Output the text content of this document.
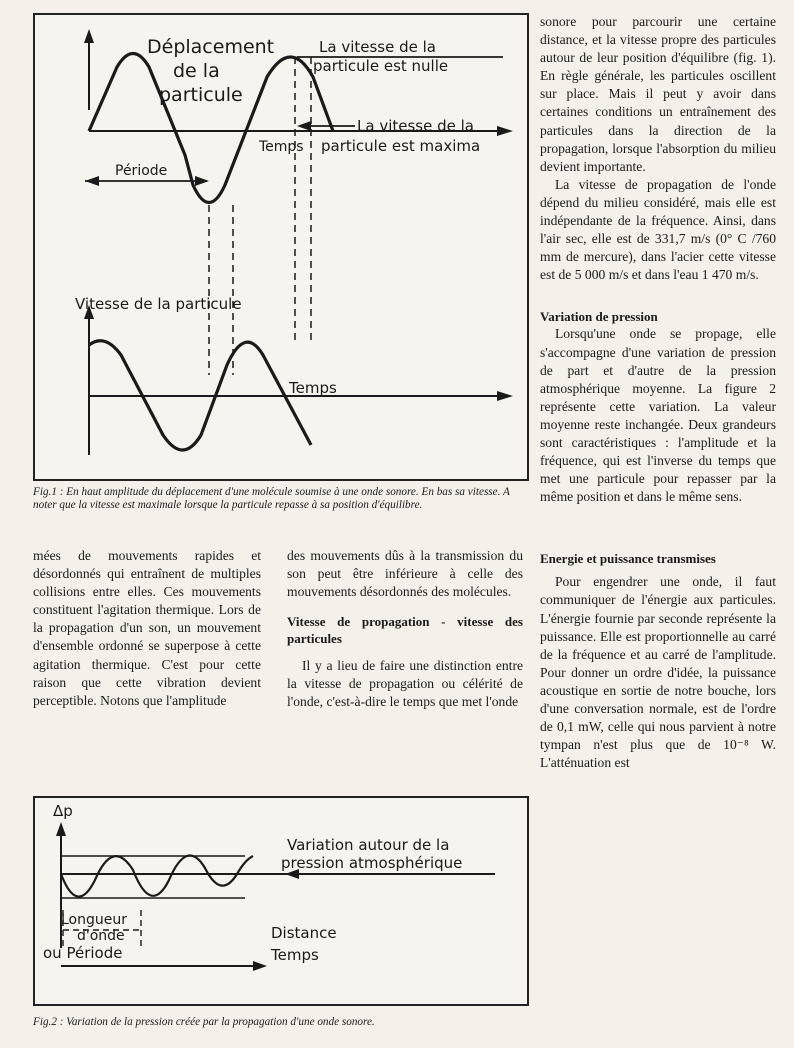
Déplacement
de la
particule
La vitesse de la
particule est nulle
La vitesse de la
particule est maxima
Temps
Période
Vitesse de la particule
Temps
Fig.1 : En haut amplitude du déplacement d'une molécule soumise à une onde sonore. En bas sa vitesse. A noter que la vitesse est maximale lorsque la particule repasse à sa position d'équilibre.

mées de mouvements rapides et désordonnés qui entraînent de multiples collisions entre elles. Ces mouvements constituent l'agitation thermique. Lors de la propagation d'un son, un mouvement d'ensemble ordonné se superpose à cette agitation thermique. C'est pour cette raison que cette vibration devient perceptible. Notons que l'amplitude

des mouvements dûs à la transmission du son peut être inférieure à celle des mouvements désordonnés des molécules.

Vitesse de propagation - vitesse des particules

Il y a lieu de faire une distinction entre la vitesse de propagation ou célérité de l'onde, c'est-à-dire le temps que met l'onde

Δp
Variation autour de la
pression atmosphérique
Longueur
d'onde
ou Période
Distance
Temps
Fig.2 : Variation de la pression créée par la propagation d'une onde sonore.

sonore pour parcourir une certaine distance, et la vitesse propre des particules autour de leur position d'équilibre (fig. 1). En règle générale, les particules oscillent sur place. Mais il peut y avoir dans certaines conditions un entraînement des particules dans la direction de la propagation, lorsque l'absorption du milieu devient importante.

La vitesse de propagation de l'onde dépend du milieu considéré, mais elle est indépendante de la fréquence. Ainsi, dans l'air sec, elle est de 331,7 m/s (0° C /760 mm de mercure), dans l'acier cette vitesse est de 5 000 m/s et dans l'eau 1 470 m/s.

Variation de pression

Lorsqu'une onde se propage, elle s'accompagne d'une variation de pression de part et d'autre de la pression atmosphérique moyenne. La figure 2 représente cette variation. La valeur moyenne reste inchangée. Deux grandeurs sont caractéristiques : l'amplitude et la fréquence, qui est l'inverse du temps que met une particule pour repasser par la même position et dans le même sens.

Energie et puissance transmises

Pour engendrer une onde, il faut communiquer de l'énergie aux particules. L'énergie fournie par seconde représente la puissance. Elle est proportionnelle au carré de la fréquence et au carré de l'amplitude. Pour donner un ordre d'idée, la puissance acoustique en sortie de notre bouche, lors d'une conversation normale, est de l'ordre de 0,1 mW, celle qui nous parvient à notre tympan n'est plus que de 10⁻⁸ W. L'atténuation est
